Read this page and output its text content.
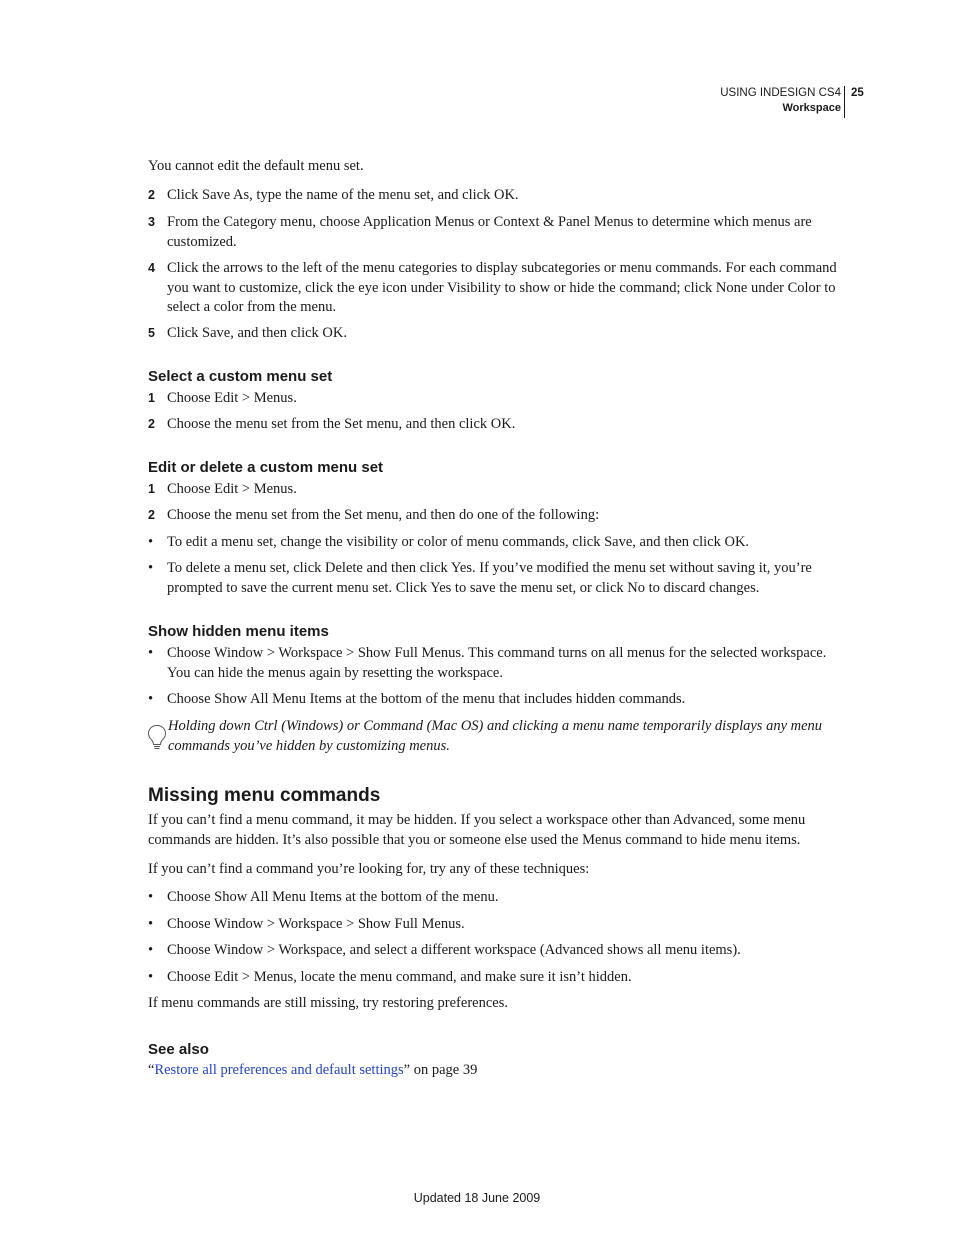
USING INDESIGN CS4
Workspace
25

You cannot edit the default menu set.

2 Click Save As, type the name of the menu set, and click OK.

3 From the Category menu, choose Application Menus or Context & Panel Menus to determine which menus are customized.

4 Click the arrows to the left of the menu categories to display subcategories or menu commands. For each command you want to customize, click the eye icon under Visibility to show or hide the command; click None under Color to select a color from the menu.

5 Click Save, and then click OK.

Select a custom menu set
1 Choose Edit > Menus.

2 Choose the menu set from the Set menu, and then click OK.

Edit or delete a custom menu set
1 Choose Edit > Menus.

2 Choose the menu set from the Set menu, and then do one of the following:

• To edit a menu set, change the visibility or color of menu commands, click Save, and then click OK.

• To delete a menu set, click Delete and then click Yes. If you’ve modified the menu set without saving it, you’re prompted to save the current menu set. Click Yes to save the menu set, or click No to discard changes.

Show hidden menu items
• Choose Window > Workspace > Show Full Menus. This command turns on all menus for the selected workspace. You can hide the menus again by resetting the workspace.

• Choose Show All Menu Items at the bottom of the menu that includes hidden commands.

Holding down Ctrl (Windows) or Command (Mac OS) and clicking a menu name temporarily displays any menu commands you’ve hidden by customizing menus.

Missing menu commands

If you can’t find a menu command, it may be hidden. If you select a workspace other than Advanced, some menu commands are hidden. It’s also possible that you or someone else used the Menus command to hide menu items.

If you can’t find a command you’re looking for, try any of these techniques:

• Choose Show All Menu Items at the bottom of the menu.

• Choose Window > Workspace > Show Full Menus.

• Choose Window > Workspace, and select a different workspace (Advanced shows all menu items).

• Choose Edit > Menus, locate the menu command, and make sure it isn’t hidden.

If menu commands are still missing, try restoring preferences.

See also

“Restore all preferences and default settings” on page 39

Updated 18 June 2009
